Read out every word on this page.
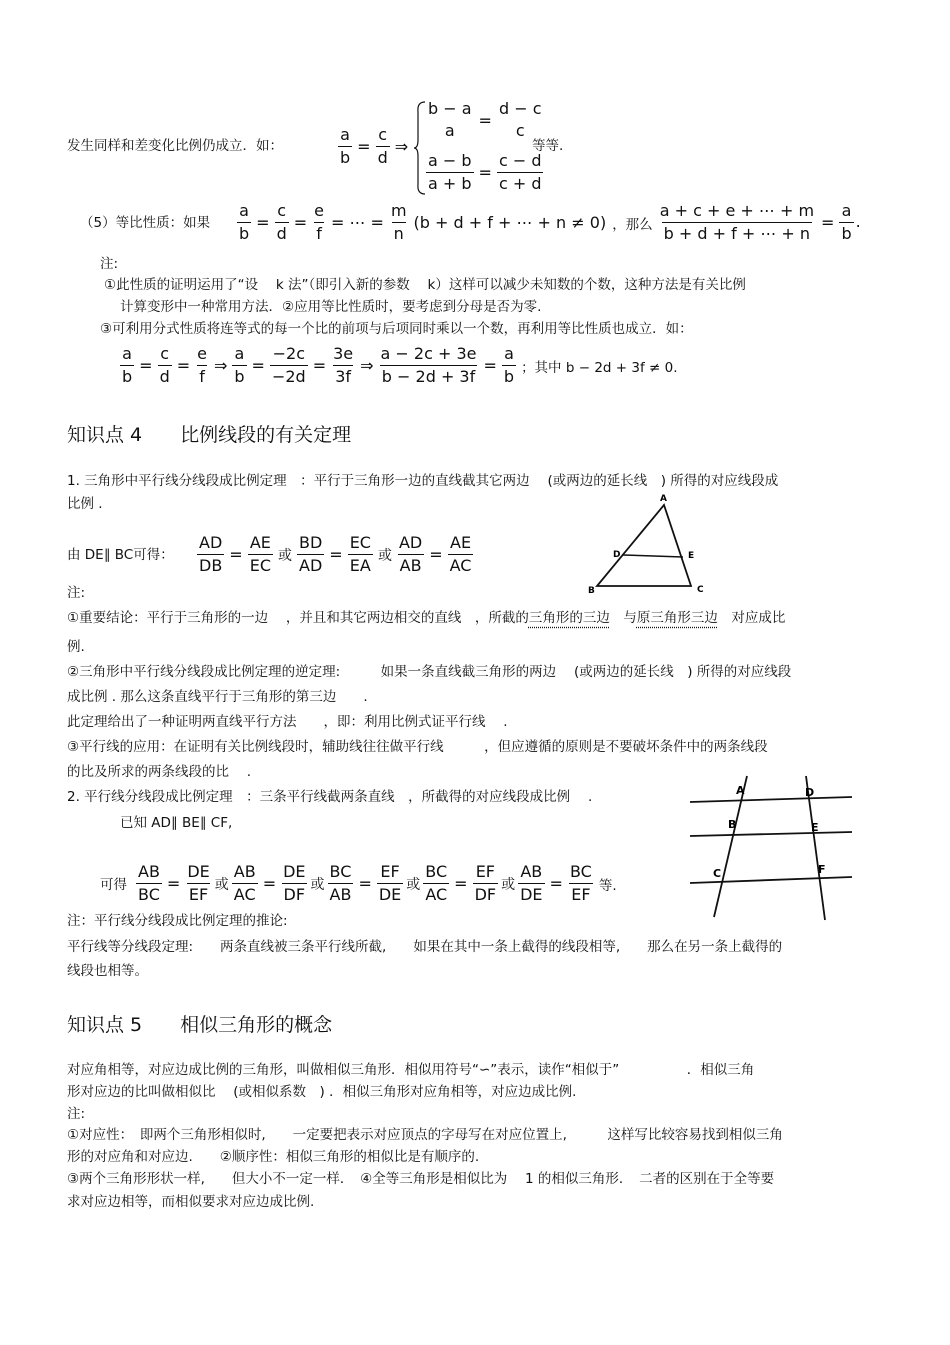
发生同样和差变化比例仍成立．如：	$\frac{a}{b} = \frac{c}{d}$ ⇒
b − a
a
=
d − c
c
$\frac{a - b}{a + b} = \frac{c - d}{c + d}$
等等.
（5）等比性质：如果 $\frac{a}{b} = \frac{c}{d} = \frac{e}{f}$ = ⋯ = $\frac{m}{n} (b + d + f$ + ⋯ + n ≠ 0) ，那么 $\frac{a + c + e + \cdots + m}{b + d + f + \cdots + n} = \frac{a}{b}$ .
注:
①此性质的证明运用了“设　 k 法”（即引入新的参数　 k）这样可以减少未知数的个数，这种方法是有关比例
计算变形中一种常用方法．②应用等比性质时，要考虑到分母是否为零.
③可利用分式性质将连等式的每一个比的前项与后项同时乘以一个数，再利用等比性质也成立．如：
$\frac{a}{b} = \frac{c}{d} = \frac{e}{f}$ ⇒ $\frac{a}{b} = \frac{-2c}{-2d} = \frac{3e}{3f}$ ⇒ $\frac{a - 2c + 3e}{b - 2d + 3f} = \frac{a}{b}$ ；其中 b − 2d + 3f ≠ 0.
知识点 4　　比例线段的有关定理
1. 三角形中平行线分线段成比例定理　：平行于三角形一边的直线截其它两边　 (或两边的延长线　) 所得的对应线段成
比例 .
由 DE∥ BC可得： $\frac{AD}{DB} = \frac{AE}{EC}$ 或 $\frac{BD}{AD} = \frac{EC}{EA}$ 或 $\frac{AD}{AB} = \frac{AE}{AC}$
A
D	E
B	C
注:
①重要结论：平行于三角形的一边　 ，并且和其它两边相交的直线　，所截的三角形的三边　与原三角形三边　对应成比
例.
②三角形中平行线分线段成比例定理的逆定理:　　　如果一条直线截三角形的两边　 (或两边的延长线　) 所得的对应线段
成比例 . 那么这条直线平行于三角形的第三边　　.
此定理给出了一种证明两直线平行方法　　，即：利用比例式证平行线　 .
③平行线的应用：在证明有关比例线段时，辅助线往往做平行线　　　，但应遵循的原则是不要破坏条件中的两条线段
的比及所求的两条线段的比　 .
2. 平行线分线段成比例定理　：三条平行线截两条直线　，所截得的对应线段成比例　 .
已知 AD∥ BE∥ CF,
A	D
B	E
C	F
可得 $\frac{AB}{BC} = \frac{DE}{EF}$ 或 $\frac{AB}{AC} = \frac{DE}{DF}$ 或 $\frac{BC}{AB} = \frac{EF}{DE}$ 或 $\frac{BC}{AC} = \frac{EF}{DF}$ 或 $\frac{AB}{DE} = \frac{BC}{EF}$ 等.
注：平行线分线段成比例定理的推论:
平行线等分线段定理:　　两条直线被三条平行线所截,　　如果在其中一条上截得的线段相等,　　那么在另一条上截得的
线段也相等。
知识点 5　　相似三角形的概念
对应角相等，对应边成比例的三角形，叫做相似三角形．相似用符号“∽”表示，读作“相似于”　　　　　．相似三角
形对应边的比叫做相似比　 (或相似系数　) ．相似三角形对应角相等，对应边成比例.
注:
①对应性：　即两个三角形相似时,　　一定要把表示对应顶点的字母写在对应位置上,　　　这样写比较容易找到相似三角
形的对应角和对应边.　　②顺序性：相似三角形的相似比是有顺序的.
③两个三角形形状一样,　　但大小不一定一样．　④全等三角形是相似比为　 1 的相似三角形．　二者的区别在于全等要
求对应边相等，而相似要求对应边成比例.
